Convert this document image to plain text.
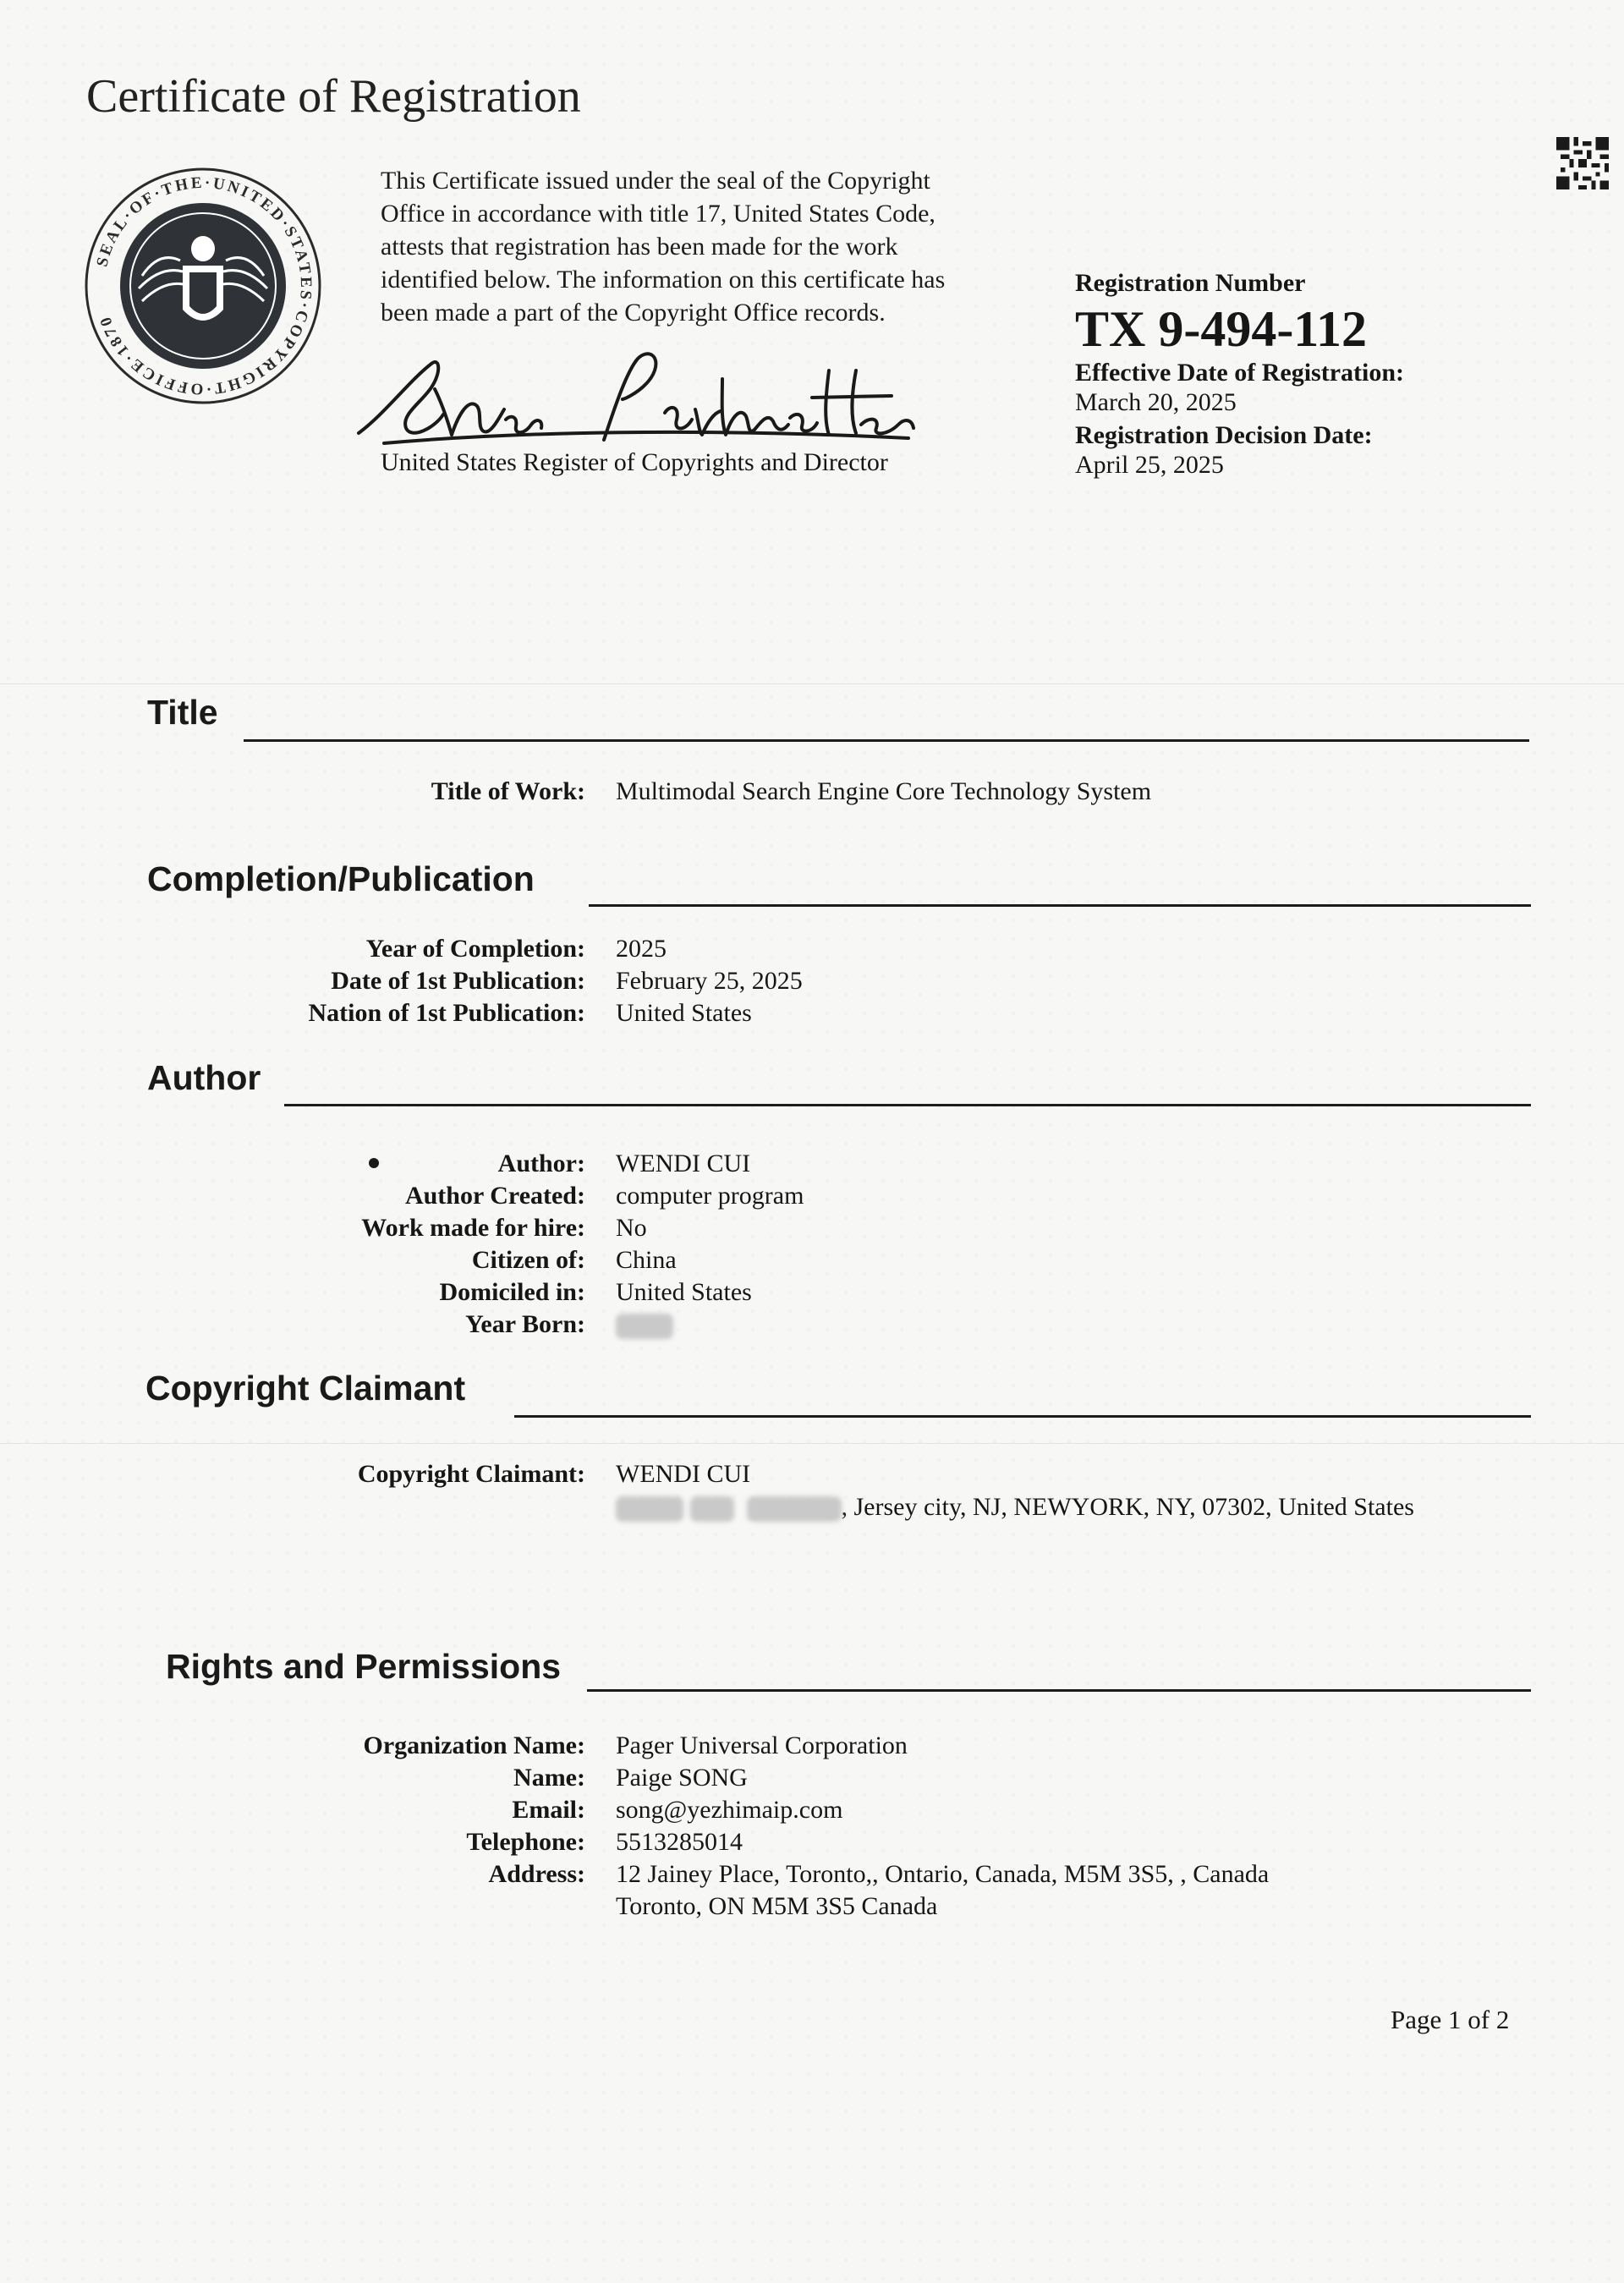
Certificate of Registration
SEAL·OF·THE·UNITED·STATES·COPYRIGHT·OFFICE·1870
This Certificate issued under the seal of the Copyright
Office in accordance with title 17, United States Code,
attests that registration has been made for the work
identified below. The information on this certificate has
been made a part of the Copyright Office records.
United States Register of Copyrights and Director
Registration Number
TX 9-494-112
Effective Date of Registration:
March 20, 2025
Registration Decision Date:
April 25, 2025
Title
Title of Work: Multimodal Search Engine Core Technology System
Completion/Publication
Year of Completion: 2025
Date of 1st Publication: February 25, 2025
Nation of 1st Publication: United States
Author
Author: WENDI CUI
Author Created: computer program
Work made for hire: No
Citizen of: China
Domiciled in: United States
Year Born:
Copyright Claimant
Copyright Claimant: WENDI CUI
, Jersey city, NJ, NEWYORK, NY, 07302, United States
Rights and Permissions
Organization Name: Pager Universal Corporation
Name: Paige SONG
Email: song@yezhimaip.com
Telephone: 5513285014
Address: 12 Jainey Place, Toronto,, Ontario, Canada, M5M 3S5, , Canada
Toronto, ON M5M 3S5 Canada
Page 1 of 2
